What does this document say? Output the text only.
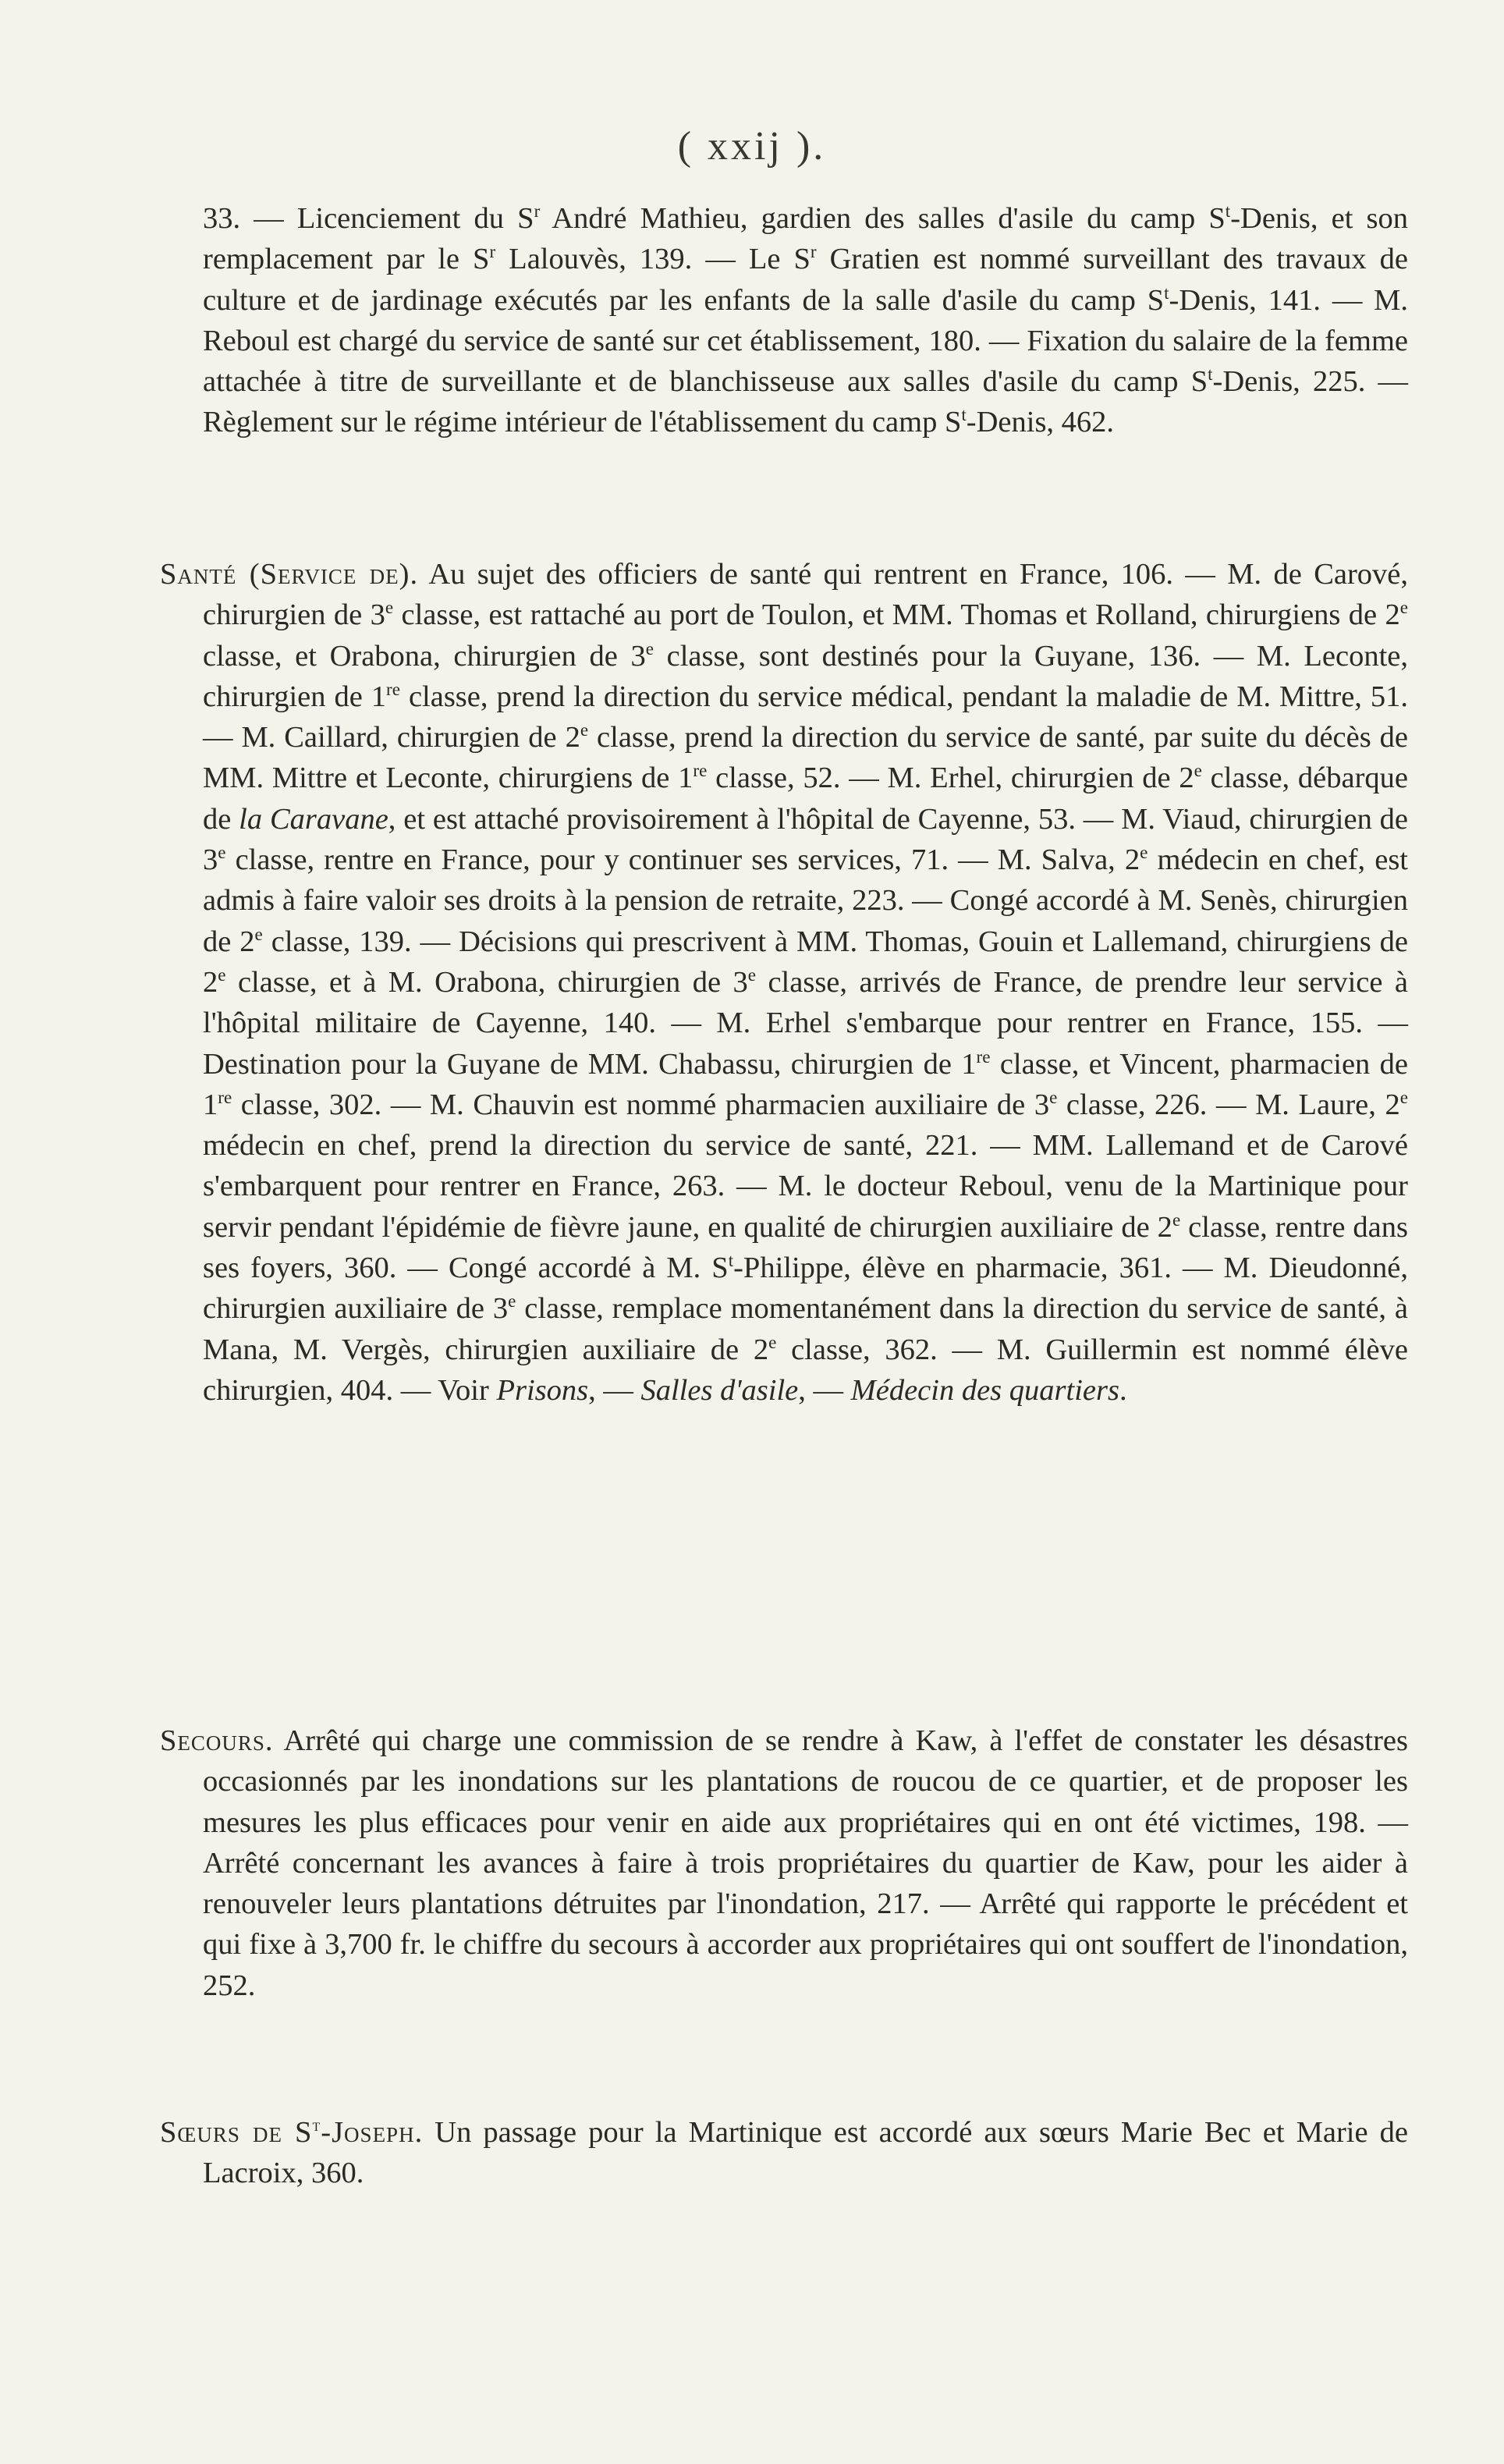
( xxij ).
33. — Licenciement du $S^r$ André Mathieu, gardien des salles d'asile du camp $S^t$-Denis, et son remplacement par le $S^r$ Lalouvès, 139. — Le $S^r$ Gratien est nommé surveillant des travaux de culture et de jardinage exécutés par les enfants de la salle d'asile du camp $S^t$-Denis, 141. — M. Reboul est chargé du service de santé sur cet établissement, 180. — Fixation du salaire de la femme attachée à titre de surveillante et de blanchisseuse aux salles d'asile du camp $S^t$-Denis, 225. — Règlement sur le régime intérieur de l'établissement du camp $S^t$-Denis, 462.
Santé (Service de). Au sujet des officiers de santé qui rentrent en France, 106. — M. de Carové, chirurgien de 3e classe, est rattaché au port de Toulon, et MM. Thomas et Rolland, chirurgiens de 2e classe, et Orabona, chirurgien de 3e classe, sont destinés pour la Guyane, 136. — M. Leconte, chirurgien de 1re classe, prend la direction du service médical, pendant la maladie de M. Mittre, 51. — M. Caillard, chirurgien de 2e classe, prend la direction du service de santé, par suite du décès de MM. Mittre et Leconte, chirurgiens de 1re classe, 52. — M. Erhel, chirurgien de 2e classe, débarque de la Caravane, et est attaché provisoirement à l'hôpital de Cayenne, 53. — M. Viaud, chirurgien de 3e classe, rentre en France, pour y continuer ses services, 71. — M. Salva, 2e médecin en chef, est admis à faire valoir ses droits à la pension de retraite, 223. — Congé accordé à M. Senès, chirurgien de 2e classe, 139. — Décisions qui prescrivent à MM. Thomas, Gouin et Lallemand, chirurgiens de 2e classe, et à M. Orabona, chirurgien de 3e classe, arrivés de France, de prendre leur service à l'hôpital militaire de Cayenne, 140. — M. Erhel s'embarque pour rentrer en France, 155. — Destination pour la Guyane de MM. Chabassu, chirurgien de 1re classe, et Vincent, pharmacien de 1re classe, 302. — M. Chauvin est nommé pharmacien auxiliaire de 3e classe, 226. — M. Laure, 2e médecin en chef, prend la direction du service de santé, 221. — MM. Lallemand et de Carové s'embarquent pour rentrer en France, 263. — M. le docteur Reboul, venu de la Martinique pour servir pendant l'épidémie de fièvre jaune, en qualité de chirurgien auxiliaire de 2e classe, rentre dans ses foyers, 360. — Congé accordé à M. $S^t$-Philippe, élève en pharmacie, 361. — M. Dieudonné, chirurgien auxiliaire de 3e classe, remplace momentanément dans la direction du service de santé, à Mana, M. Vergès, chirurgien auxiliaire de 2e classe, 362. — M. Guillermin est nommé élève chirurgien, 404. — Voir Prisons, — Salles d'asile, — Médecin des quartiers.
Secours. Arrêté qui charge une commission de se rendre à Kaw, à l'effet de constater les désastres occasionnés par les inondations sur les plantations de roucou de ce quartier, et de proposer les mesures les plus efficaces pour venir en aide aux propriétaires qui en ont été victimes, 198. — Arrêté concernant les avances à faire à trois propriétaires du quartier de Kaw, pour les aider à renouveler leurs plantations détruites par l'inondation, 217. — Arrêté qui rapporte le précédent et qui fixe à 3,700 fr. le chiffre du secours à accorder aux propriétaires qui ont souffert de l'inondation, 252.
Sœurs de $S^t$-Joseph. Un passage pour la Martinique est accordé aux sœurs Marie Bec et Marie de Lacroix, 360.
